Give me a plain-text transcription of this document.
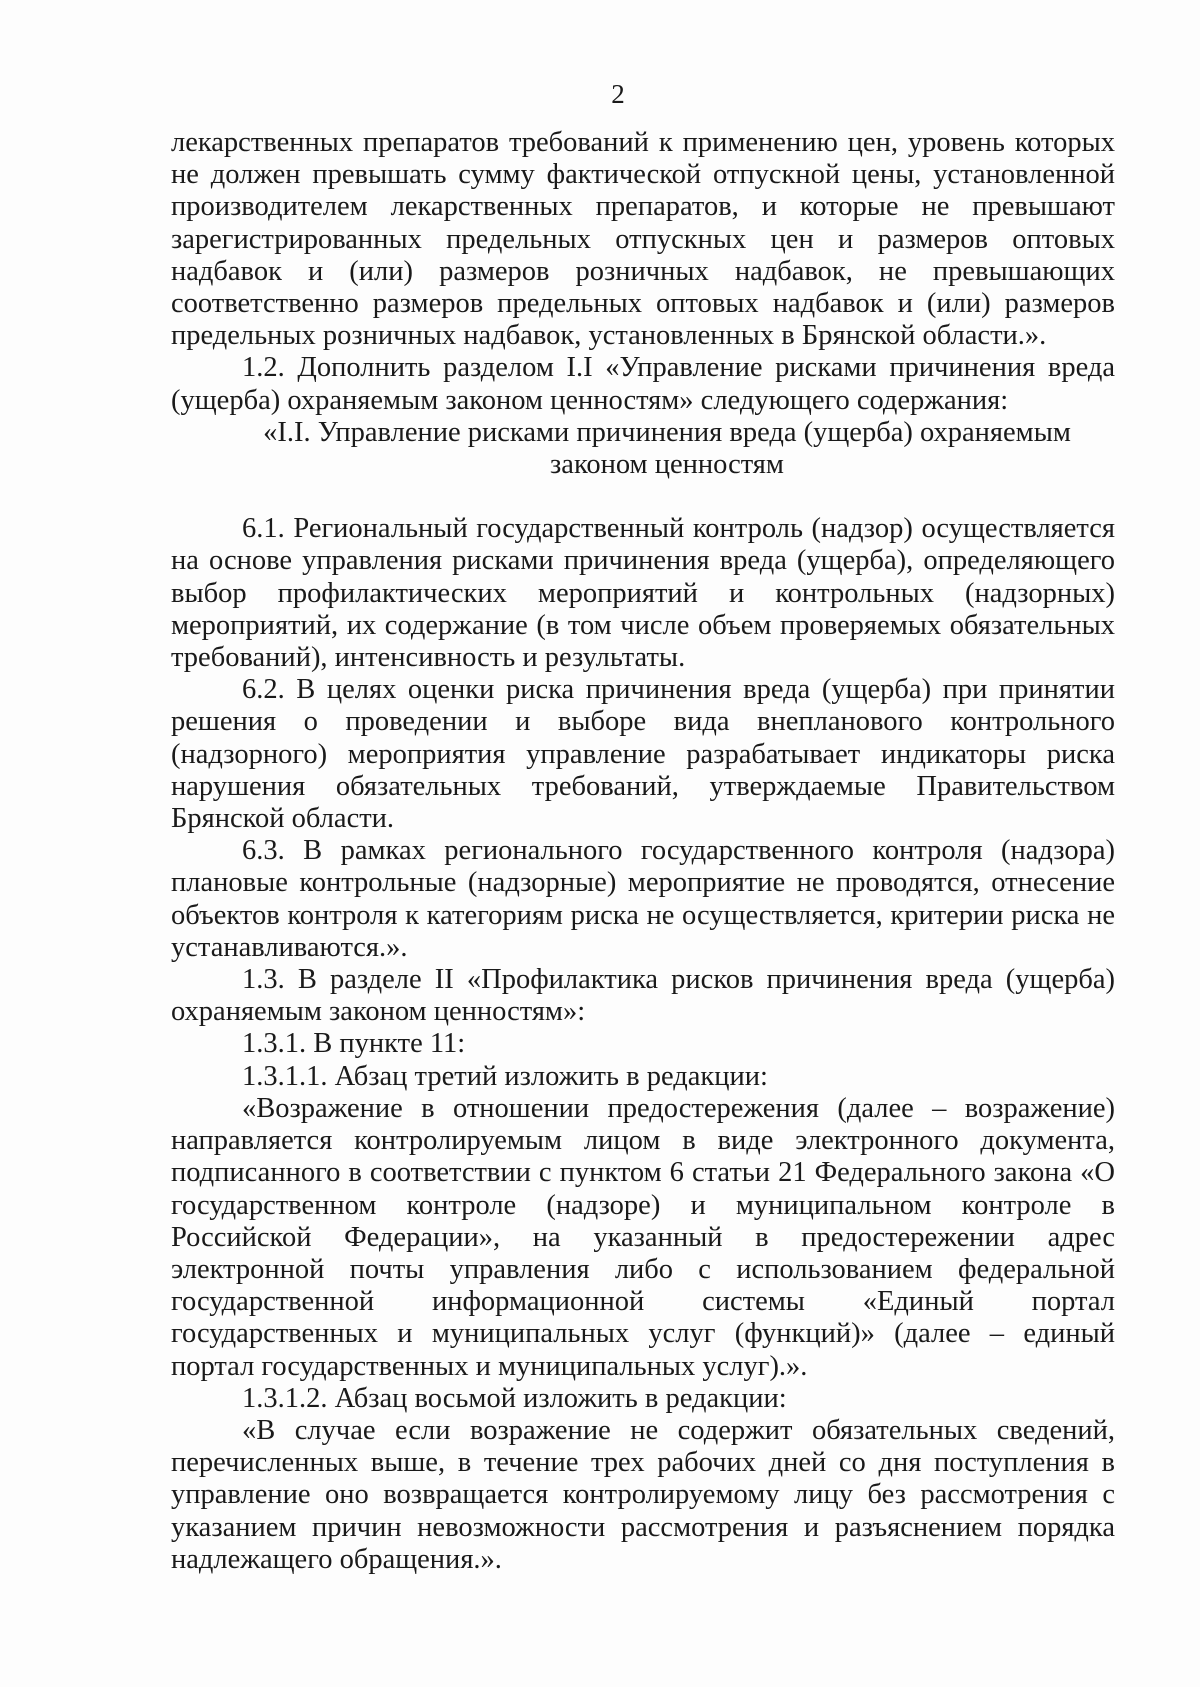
2

лекарственных препаратов требований к применению цен, уровень которых не должен превышать сумму фактической отпускной цены, установленной производителем лекарственных препаратов, и которые не превышают зарегистрированных предельных отпускных цен и размеров оптовых надбавок и (или) размеров розничных надбавок, не превышающих соответственно размеров предельных оптовых надбавок и (или) размеров предельных розничных надбавок, установленных в Брянской области.».

1.2. Дополнить разделом I.I «Управление рисками причинения вреда (ущерба) охраняемым законом ценностям» следующего содержания:

«I.I. Управление рисками причинения вреда (ущерба) охраняемым

законом ценностям

6.1. Региональный государственный контроль (надзор) осуществляется на основе управления рисками причинения вреда (ущерба), определяющего выбор профилактических мероприятий и контрольных (надзорных) мероприятий, их содержание (в том числе объем проверяемых обязательных требований), интенсивность и результаты.

6.2. В целях оценки риска причинения вреда (ущерба) при принятии решения о проведении и выборе вида внепланового контрольного (надзорного) мероприятия управление разрабатывает индикаторы риска нарушения обязательных требований, утверждаемые Правительством Брянской области.

6.3. В рамках регионального государственного контроля (надзора) плановые контрольные (надзорные) мероприятие не проводятся, отнесение объектов контроля к категориям риска не осуществляется, критерии риска не устанавливаются.».

1.3. В разделе II «Профилактика рисков причинения вреда (ущерба) охраняемым законом ценностям»:

1.3.1. В пункте 11:

1.3.1.1. Абзац третий изложить в редакции:

«Возражение в отношении предостережения (далее – возражение) направляется контролируемым лицом в виде электронного документа, подписанного в соответствии с пунктом 6 статьи 21 Федерального закона «О государственном контроле (надзоре) и муниципальном контроле в Российской Федерации», на указанный в предостережении адрес электронной почты управления либо с использованием федеральной государственной информационной системы «Единый портал государственных и муниципальных услуг (функций)» (далее – единый портал государственных и муниципальных услуг).».

1.3.1.2. Абзац восьмой изложить в редакции:

«В случае если возражение не содержит обязательных сведений, перечисленных выше, в течение трех рабочих дней со дня поступления в управление оно возвращается контролируемому лицу без рассмотрения с указанием причин невозможности рассмотрения и разъяснением порядка надлежащего обращения.».
